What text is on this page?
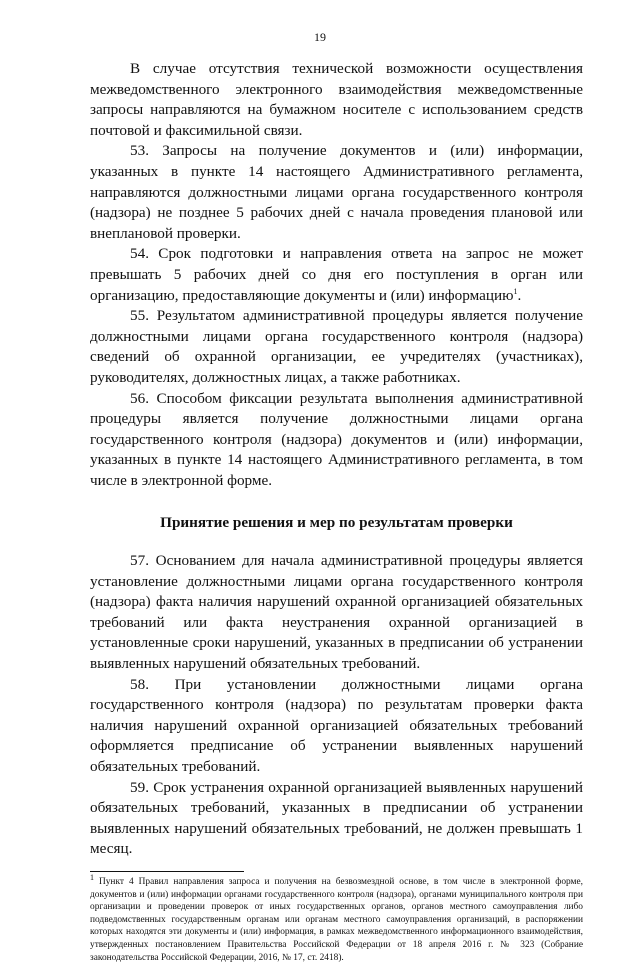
19

В случае отсутствия технической возможности осуществления межведомственного электронного взаимодействия межведомственные запросы направляются на бумажном носителе с использованием средств почтовой и факсимильной связи.

53. Запросы на получение документов и (или) информации, указанных в пункте 14 настоящего Административного регламента, направляются должностными лицами органа государственного контроля (надзора) не позднее 5 рабочих дней с начала проведения плановой или внеплановой проверки.

54. Срок подготовки и направления ответа на запрос не может превышать 5 рабочих дней со дня его поступления в орган или организацию, предоставляющие документы и (или) информацию$^1$.

55. Результатом административной процедуры является получение должностными лицами органа государственного контроля (надзора) сведений об охранной организации, ее учредителях (участниках), руководителях, должностных лицах, а также работниках.

56. Способом фиксации результата выполнения административной процедуры является получение должностными лицами органа государственного контроля (надзора) документов и (или) информации, указанных в пункте 14 настоящего Административного регламента, в том числе в электронной форме.

Принятие решения и мер по результатам проверки

57. Основанием для начала административной процедуры является установление должностными лицами органа государственного контроля (надзора) факта наличия нарушений охранной организацией обязательных требований или факта неустранения охранной организацией в установленные сроки нарушений, указанных в предписании об устранении выявленных нарушений обязательных требований.

58. При установлении должностными лицами органа государственного контроля (надзора) по результатам проверки факта наличия нарушений охранной организацией обязательных требований оформляется предписание об устранении выявленных нарушений обязательных требований.

59. Срок устранения охранной организацией выявленных нарушений обязательных требований, указанных в предписании об устранении выявленных нарушений обязательных требований, не должен превышать 1 месяц.

$^1$ Пункт 4 Правил направления запроса и получения на безвозмездной основе, в том числе в электронной форме, документов и (или) информации органами государственного контроля (надзора), органами муниципального контроля при организации и проведении проверок от иных государственных органов, органов местного самоуправления либо подведомственных государственным органам или органам местного самоуправления организаций, в распоряжении которых находятся эти документы и (или) информация, в рамках межведомственного информационного взаимодействия, утвержденных постановлением Правительства Российской Федерации от 18 апреля 2016 г. № 323 (Собрание законодательства Российской Федерации, 2016, № 17, ст. 2418).
